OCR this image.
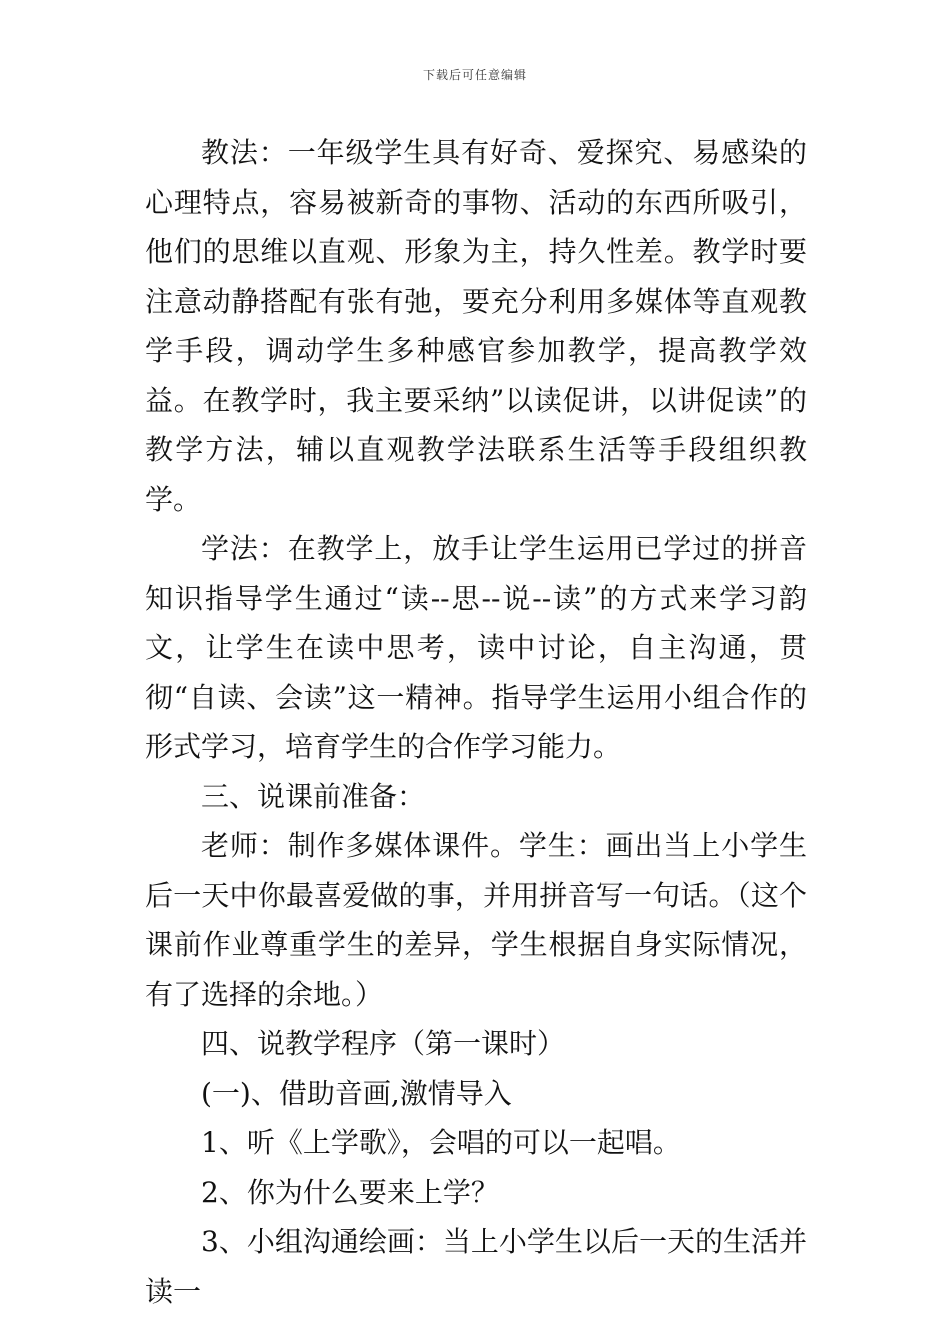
下载后可任意编辑

教法：一年级学生具有好奇、爱探究、易感染的心理特点，容易被新奇的事物、活动的东西所吸引，他们的思维以直观、形象为主，持久性差。教学时要注意动静搭配有张有弛，要充分利用多媒体等直观教学手段，调动学生多种感官参加教学，提高教学效益。在教学时，我主要采纳”以读促讲，以讲促读”的教学方法，辅以直观教学法联系生活等手段组织教学。

学法：在教学上，放手让学生运用已学过的拼音知识指导学生通过“读--思--说--读”的方式来学习韵文，让学生在读中思考，读中讨论，自主沟通，贯彻“自读、会读”这一精神。指导学生运用小组合作的形式学习，培育学生的合作学习能力。

三、说课前准备：

老师：制作多媒体课件。学生：画出当上小学生后一天中你最喜爱做的事，并用拼音写一句话。（这个课前作业尊重学生的差异，学生根据自身实际情况，有了选择的余地。）

四、说教学程序（第一课时）

(一)、借助音画,激情导入

1、听《上学歌》，会唱的可以一起唱。

2、你为什么要来上学？

3、小组沟通绘画：当上小学生以后一天的生活并读一
